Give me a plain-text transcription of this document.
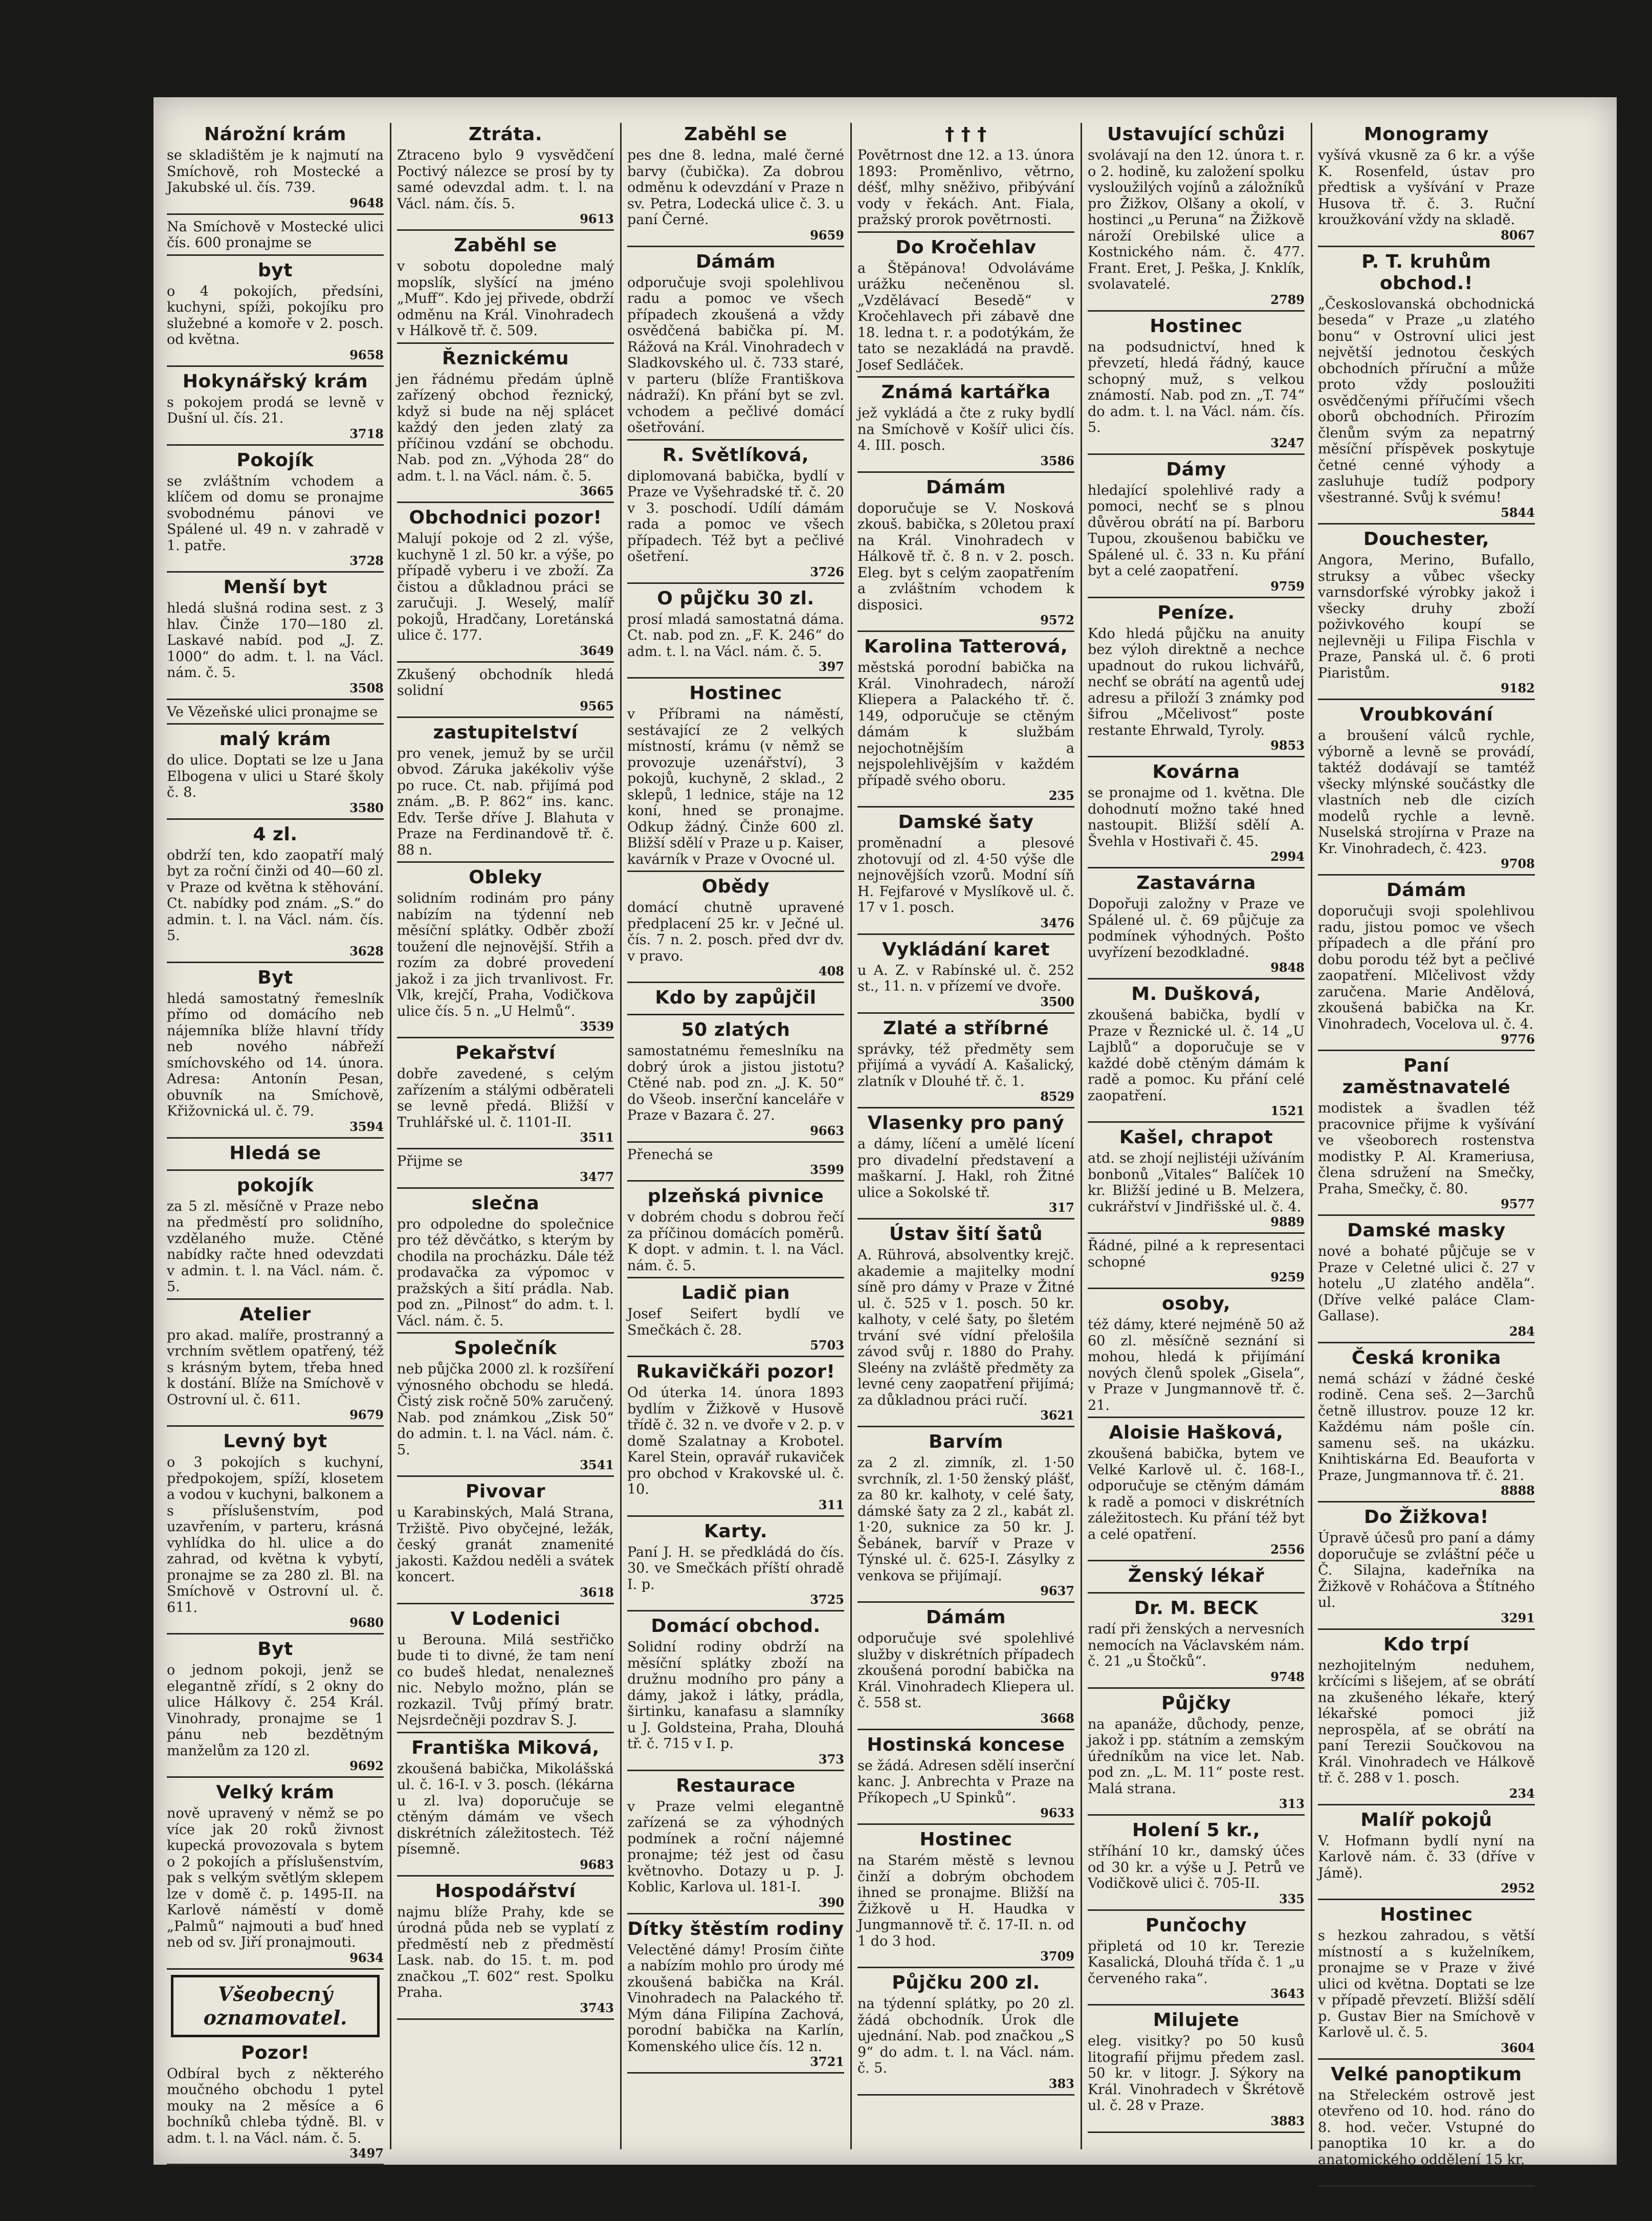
Nárožní krám
se skladištěm je k najmutí na Smíchově, roh Mostecké a Jakubské ul. čís. 739.
9648
Na Smíchově v Mostecké ulici čís. 600 pronajme se
byt
o 4 pokojích, předsíni, kuchyni, spíži, pokojíku pro služebné a komoře v 2. posch. od května.
9658
Hokynářský krám
s pokojem prodá se levně v Dušní ul. čís. 21.
3718
Pokojík
se zvláštním vchodem a klíčem od domu se pronajme svobodnému pánovi ve Spálené ul. 49 n. v zahradě v 1. patře.
3728
Menší byt
hledá slušná rodina sest. z 3 hlav. Činže 170—180 zl. Laskavé nabíd. pod „J. Z. 1000“ do adm. t. l. na Václ. nám. č. 5.
3508
Ve Vězeňské ulici pronajme se
malý krám
do ulice. Doptati se lze u Jana Elbogena v ulici u Staré školy č. 8.
3580
4 zl.
obdrží ten, kdo zaopatří malý byt za roční činži od 40—60 zl. v Praze od května k stěhování. Ct. nabídky pod znám. „S.“ do admin. t. l. na Václ. nám. čís. 5.
3628
Byt
hledá samostatný řemeslník přímo od domácího neb nájemníka blíže hlavní třídy neb nového nábřeží smíchovského od 14. února. Adresa: Antonín Pesan, obuvník na Smíchově, Křižovnická ul. č. 79.
3594
Hledá se
pokojík
za 5 zl. měsíčně v Praze nebo na předměstí pro solidního, vzdělaného muže. Ctěné nabídky račte hned odevzdati v admin. t. l. na Václ. nám. č. 5.
Atelier
pro akad. malíře, prostranný a vrchním světlem opatřený, též s krásným bytem, třeba hned k dostání. Blíže na Smíchově v Ostrovní ul. č. 611.
9679
Levný byt
o 3 pokojích s kuchyní, předpokojem, spíží, klosetem a vodou v kuchyni, balkonem a s příslušenstvím, pod uzavřením, v parteru, krásná vyhlídka do hl. ulice a do zahrad, od května k vybytí, pronajme se za 280 zl. Bl. na Smíchově v Ostrovní ul. č. 611.
9680
Byt
o jednom pokoji, jenž se elegantně zřídí, s 2 okny do ulice Hálkovy č. 254 Král. Vinohrady, pronajme se 1 pánu neb bezdětným manželům za 120 zl.
9692
Velký krám
nově upravený v němž se po více jak 20 roků živnost kupecká provozovala s bytem o 2 pokojích a příslušenstvím, pak s velkým světlým sklepem lze v domě č. p. 1495-II. na Karlově náměstí v domě „Palmů“ najmouti a buď hned neb od sv. Jiří pronajmouti.
9634
Všeobecný oznamovatel.
Pozor!
Odbíral bych z některého moučného obchodu 1 pytel mouky na 2 měsíce a 6 bochníků chleba týdně. Bl. v adm. t. l. na Václ. nám. č. 5.
3497
Ztráta.
Ztraceno bylo 9 vysvědčení Poctivý nálezce se prosí by ty samé odevzdal adm. t. l. na Václ. nám. čís. 5.
9613
Zaběhl se
v sobotu dopoledne malý mopslík, slyšící na jméno „Muff“. Kdo jej přivede, obdrží odměnu na Král. Vinohradech v Hálkově tř. č. 509.
Řeznickému
jen řádnému předám úplně zařízený obchod řeznický, když si bude na něj splácet každý den jeden zlatý za příčinou vzdání se obchodu. Nab. pod zn. „Výhoda 28“ do adm. t. l. na Václ. nám. č. 5.
3665
Obchodnici pozor!
Malují pokoje od 2 zl. výše, kuchyně 1 zl. 50 kr. a výše, po případě vyberu i ve zboží. Za čistou a důkladnou práci se zaručuji. J. Weselý, malíř pokojů, Hradčany, Loretánská ulice č. 177.
3649
Zkušený obchodník hledá solidní
9565
zastupitelství
pro venek, jemuž by se určil obvod. Záruka jakékoliv výše po ruce. Ct. nab. přijímá pod znám. „B. P. 862“ ins. kanc. Edv. Terše dříve J. Blahuta v Praze na Ferdinandově tř. č. 88 n.
Obleky
solidním rodinám pro pány nabízím na týdenní neb měsíční splátky. Odběr zboží toužení dle nejnovější. Střih a rozím za dobré provedení jakož i za jich trvanlivost. Fr. Vlk, krejčí, Praha, Vodičkova ulice čís. 5 n. „U Helmů“.
3539
Pekařství
dobře zavedené, s celým zařízením a stálými odběrateli se levně předá. Bližší v Truhlářské ul. č. 1101-II.
3511
Přijme se
3477
slečna
pro odpoledne do společnice pro též děvčátko, s kterým by chodila na procházku. Dále též prodavačka za výpomoc v pražských a šití prádla. Nab. pod zn. „Pilnost“ do adm. t. l. Václ. nám. č. 5.
Společník
neb půjčka 2000 zl. k rozšíření výnosného obchodu se hledá. Čistý zisk ročně 50% zaručený. Nab. pod známkou „Zisk 50“ do admin. t. l. na Václ. nám. č. 5.
3541
Pivovar
u Karabinských, Malá Strana, Tržiště. Pivo obyčejné, ležák, český granát znamenité jakosti. Každou neděli a svátek koncert.
3618
V Lodenici
u Berouna. Milá sestřičko bude ti to divné, že tam není co budeš hledat, nenalezneš nic. Nebylo možno, plán se rozkazil. Tvůj přímý bratr. Nejsrdečněji pozdrav S. J.
Františka Miková,
zkoušená babička, Mikolášská ul. č. 16-I. v 3. posch. (lékárna u zl. lva) doporučuje se ctěným dámám ve všech diskrétních záležitostech. Též písemně.
9683
Hospodářství
najmu blíže Prahy, kde se úrodná půda neb se vyplatí z předměstí neb z předměstí Lask. nab. do 15. t. m. pod značkou „T. 602“ rest. Spolku Praha.
3743
Zaběhl se
pes dne 8. ledna, malé černé barvy (čubička). Za dobrou odměnu k odevzdání v Praze n sv. Petra, Lodecká ulice č. 3. u paní Černé.
9659
Dámám
odporučuje svoji spolehlivou radu a pomoc ve všech případech zkoušená a vždy osvědčená babička pí. M. Rážová na Král. Vinohradech v Sladkovského ul. č. 733 staré, v parteru (blíže Františkova nádraží). Kn přání byt se zvl. vchodem a pečlivé domácí ošetřování.
R. Světlíková,
diplomovaná babička, bydlí v Praze ve Vyšehradské tř. č. 20 v 3. poschodí. Udílí dámám rada a pomoc ve všech případech. Též byt a pečlivé ošetření.
3726
O půjčku 30 zl.
prosí mladá samostatná dáma. Ct. nab. pod zn. „F. K. 246“ do adm. t. l. na Václ. nám. č. 5.
397
Hostinec
v Příbrami na náměstí, sestávající ze 2 velkých místností, krámu (v němž se provozuje uzenářství), 3 pokojů, kuchyně, 2 sklad., 2 sklepů, 1 lednice, stáje na 12 koní, hned se pronajme. Odkup žádný. Činže 600 zl. Bližší sdělí v Praze u p. Kaiser, kavárník v Praze v Ovocné ul.
Obědy
domácí chutně upravené předplacení 25 kr. v Ječné ul. čís. 7 n. 2. posch. před dvr dv. v pravo.
408
Kdo by zapůjčil
50 zlatých
samostatnému řemeslníku na dobrý úrok a jistou jistotu? Ctěné nab. pod zn. „J. K. 50“ do Všeob. inserční kanceláře v Praze v Bazara č. 27.
9663
Přenechá se
3599
plzeňská pivnice
v dobrém chodu s dobrou řečí za příčinou domácích poměrů. K dopt. v admin. t. l. na Václ. nám. č. 5.
Ladič pian
Josef Seifert bydlí ve Smečkách č. 28.
5703
Rukavičkáři pozor!
Od úterka 14. února 1893 bydlím v Žižkově v Husově třídě č. 32 n. ve dvoře v 2. p. v domě Szalatnay a Krobotel. Karel Stein, opravář rukaviček pro obchod v Krakovské ul. č. 10.
311
Karty.
Paní J. H. se předkládá do čís. 30. ve Smečkách příští ohradě I. p.
3725
Domácí obchod.
Solidní rodiny obdrží na měsíční splátky zboží na družnu modního pro pány a dámy, jakož i látky, prádla, širtinku, kanafasu a slamníky u J. Goldsteina, Praha, Dlouhá tř. č. 715 v I. p.
373
Restaurace
v Praze velmi elegantně zařízená se za výhodných podmínek a roční nájemné pronajme; též jest od času květnovho. Dotazy u p. J. Koblic, Karlova ul. 181-I.
390
Dítky štěstím rodiny
Velectěné dámy! Prosím čiňte a nabízím mohlo pro úrody mé zkoušená babička na Král. Vinohradech na Palackého tř. Mým dána Filipína Zachová, porodní babička na Karlín, Komenského ulice čís. 12 n.
3721
† † †
Povětrnost dne 12. a 13. února 1893: Proměnlivo, větrno, déšť, mlhy sněživo, přibývání vody v řekách. Ant. Fiala, pražský prorok povětrnosti.
Do Kročehlav
a Štěpánova! Odvoláváme urážku nečeněnou sl. „Vzdělávací Besedě“ v Kročehlavech při zábavě dne 18. ledna t. r. a podotýkám, že tato se nezakládá na pravdě. Josef Sedláček.
Známá kartářka
jež vykládá a čte z ruky bydlí na Smíchově v Košíř ulici čís. 4. III. posch.
3586
Dámám
doporučuje se V. Nosková zkouš. babička, s 20letou praxí na Král. Vinohradech v Hálkově tř. č. 8 n. v 2. posch. Eleg. byt s celým zaopatřením a zvláštním vchodem k disposici.
9572
Karolina Tatterová,
městská porodní babička na Král. Vinohradech, nároží Kliepera a Palackého tř. č. 149, odporučuje se ctěným dámám k službám nejochotnějším a nejspolehlivějším v každém případě svého oboru.
235
Damské šaty
proměnadní a plesové zhotovují od zl. 4·50 výše dle nejnovějších vzorů. Modní síň H. Fejfarové v Myslíkově ul. č. 17 v 1. posch.
3476
Vykládání karet
u A. Z. v Rabínské ul. č. 252 st., 11. n. v přízemí ve dvoře.
3500
Zlaté a stříbrné
správky, též předměty sem přijímá a vyvádí A. Kašalický, zlatník v Dlouhé tř. č. 1.
8529
Vlasenky pro paný
a dámy, líčení a umělé lícení pro divadelní představení a maškarní. J. Hakl, roh Žitné ulice a Sokolské tř.
317
Ústav šití šatů
A. Rührová, absolventky krejč. akademie a majitelky modní síně pro dámy v Praze v Žitné ul. č. 525 v 1. posch. 50 kr. kalhoty, v celé šaty, po šletém trvání své vídní přelošila závod svůj r. 1880 do Prahy. Sleény na zvláště předměty za levné ceny zaopatření přijímá; za důkladnou práci ručí.
3621
Barvím
za 2 zl. zimník, zl. 1·50 svrchník, zl. 1·50 ženský plášť, za 80 kr. kalhoty, v celé šaty, dámské šaty za 2 zl., kabát zl. 1·20, suknice za 50 kr. J. Šebánek, barvíř v Praze v Týnské ul. č. 625-I. Zásylky z venkova se přijímají.
9637
Dámám
odporučuje své spolehlivé služby v diskrétních případech zkoušená porodní babička na Král. Vinohradech Kliepera ul. č. 558 st.
3668
Hostinská koncese
se žádá. Adresen sdělí inserční kanc. J. Anbrechta v Praze na Příkopech „U Spinků“.
9633
Hostinec
na Starém městě s levnou činží a dobrým obchodem ihned se pronajme. Bližší na Žižkově u H. Haudka v Jungmannově tř. č. 17-II. n. od 1 do 3 hod.
3709
Půjčku 200 zl.
na týdenní splátky, po 20 zl. žádá obchodník. Úrok dle ujednání. Nab. pod značkou „S 9“ do adm. t. l. na Václ. nám. č. 5.
383
Ustavující schůzi
svolávají na den 12. února t. r. o 2. hodině, ku založení spolku vysloužilých vojínů a záložníků pro Žižkov, Olšany a okolí, v hostinci „u Peruna“ na Žižkově nároží Orebilské ulice a Kostnického nám. č. 477. Frant. Eret, J. Peška, J. Knklík, svolavatelé.
2789
Hostinec
na podsudnictví, hned k převzetí, hledá řádný, kauce schopný muž, s velkou známostí. Nab. pod zn. „T. 74“ do adm. t. l. na Václ. nám. čís. 5.
3247
Dámy
hledající spolehlivé rady a pomoci, nechť se s plnou důvěrou obrátí na pí. Barboru Tupou, zkoušenou babičku ve Spálené ul. č. 33 n. Ku přání byt a celé zaopatření.
9759
Peníze.
Kdo hledá půjčku na anuity bez výloh direktně a nechce upadnout do rukou lichvářů, nechť se obrátí na agentů udej adresu a přiloží 3 známky pod šifrou „Mčelivost“ poste restante Ehrwald, Tyroly.
9853
Kovárna
se pronajme od 1. května. Dle dohodnutí možno také hned nastoupit. Bližší sdělí A. Švehla v Hostivaři č. 45.
2994
Zastavárna
Dopořuji založny v Praze ve Spálené ul. č. 69 půjčuje za podmínek výhodných. Pošto uvyřízení bezodkladné.
9848
M. Dušková,
zkoušená babička, bydlí v Praze v Řeznické ul. č. 14 „U Lajblů“ a doporučuje se v každé době ctěným dámám k radě a pomoc. Ku přání celé zaopatření.
1521
Kašel, chrapot
atd. se zhojí nejlistéji užíváním bonbonů „Vitales“ Balíček 10 kr. Bližší jediné u B. Melzera, cukrářství v Jindřišské ul. č. 4.
9889
Řádné, pilné a k representaci schopné
9259
osoby,
též dámy, které nejméně 50 až 60 zl. měsíčně seznání si mohou, hledá k přijímání nových členů spolek „Gisela“, v Praze v Jungmannově tř. č. 21.
Aloisie Hašková,
zkoušená babička, bytem ve Velké Karlově ul. č. 168-I., odporučuje se ctěným dámám k radě a pomoci v diskrétních záležitostech. Ku přání též byt a celé opatření.
2556
Ženský lékař
Dr. M. BECK
radí při ženských a nervesních nemocích na Václavském nám. č. 21 „u Štočků“.
9748
Půjčky
na apanáže, důchody, penze, jakož i pp. státním a zemským úředníkům na vice let. Nab. pod zn. „L. M. 11“ poste rest. Malá strana.
313
Holení 5 kr.,
stříhání 10 kr., damský účes od 30 kr. a výše u J. Petrů ve Vodičkově ulici č. 705-II.
335
Punčochy
připletá od 10 kr. Terezie Kasalická, Dlouhá třída č. 1 „u červeného raka“.
3643
Milujete
eleg. visitky? po 50 kusů litografií přijmu předem zasl. 50 kr. v litogr. J. Sýkory na Král. Vinohradech v Škrétově ul. č. 28 v Praze.
3883
Monogramy
vyšívá vkusně za 6 kr. a výše K. Rosenfeld, ústav pro předtisk a vyšívání v Praze Husova tř. č. 3. Ruční kroužkování vždy na skladě.
8067
P. T. kruhům obchod.!
„Českoslovanská obchodnická beseda“ v Praze „u zlatého bonu“ v Ostrovní ulici jest největší jednotou českých obchodních příruční a může proto vždy posloužiti osvědčenými přířučími všech oborů obchodních. Přirozím členům svým za nepatrný měsíční příspěvek poskytuje četné cenné výhody a zasluhuje tudíž podpory všestranné. Svůj k svému!
5844
Douchester,
Angora, Merino, Bufallo, struksy a vůbec všecky varnsdorfské výrobky jakož i všecky druhy zboží poživkového koupí se nejlevněji u Filipa Fischla v Praze, Panská ul. č. 6 proti Piaristům.
9182
Vroubkování
a broušení válců rychle, výborně a levně se provádí, taktéž dodávají se tamtéž všecky mlýnské součástky dle vlastních neb dle cizích modelů rychle a levně. Nuselská strojírna v Praze na Kr. Vinohradech, č. 423.
9708
Dámám
doporučuji svoji spolehlivou radu, jistou pomoc ve všech případech a dle přání pro dobu porodu též byt a pečlivé zaopatření. Mlčelivost vždy zaručena. Marie Andělová, zkoušená babička na Kr. Vinohradech, Vocelova ul. č. 4.
9776
Paní zaměstnavatelé
modistek a švadlen též pracovnice přijme k vyšívání ve všeoborech rostenstva modistky P. Al. Krameriusa, člena sdružení na Smečky, Praha, Smečky, č. 80.
9577
Damské masky
nové a bohaté půjčuje se v Praze v Celetné ulici č. 27 v hotelu „U zlatého anděla“. (Dříve velké paláce Clam-Gallase).
284
Česká kronika
nemá schází v žádné české rodině. Cena seš. 2—3archů četně illustrov. pouze 12 kr. Každému nám pošle cín. samenu seš. na ukázku. Knihtiskárna Ed. Beauforta v Praze, Jungmannova tř. č. 21.
8888
Do Žižkova!
Úpravě účesů pro paní a dámy doporučuje se zvláštní péče u Č. Silajna, kadeřníka na Žižkově v Roháčova a Štítného ul.
3291
Kdo trpí
nezhojitelným neduhem, krčícími s lišejem, ať se obrátí na zkušeného lékaře, který lékařské pomoci již neprospěla, ať se obrátí na paní Terezii Součkovou na Král. Vinohradech ve Hálkově tř. č. 288 v 1. posch.
234
Malíř pokojů
V. Hofmann bydlí nyní na Karlově nám. č. 33 (dříve v Jámě).
2952
Hostinec
s hezkou zahradou, s větší místností a s kuželníkem, pronajme se v Praze v živé ulici od května. Doptati se lze v případě převzetí. Bližší sdělí p. Gustav Bier na Smíchově v Karlově ul. č. 5.
3604
Velké panoptikum
na Střeleckém ostrově jest otevřeno od 10. hod. ráno do 8. hod. večer. Vstupné do panoptika 10 kr. a do anatomického oddělení 15 kr.
9910
